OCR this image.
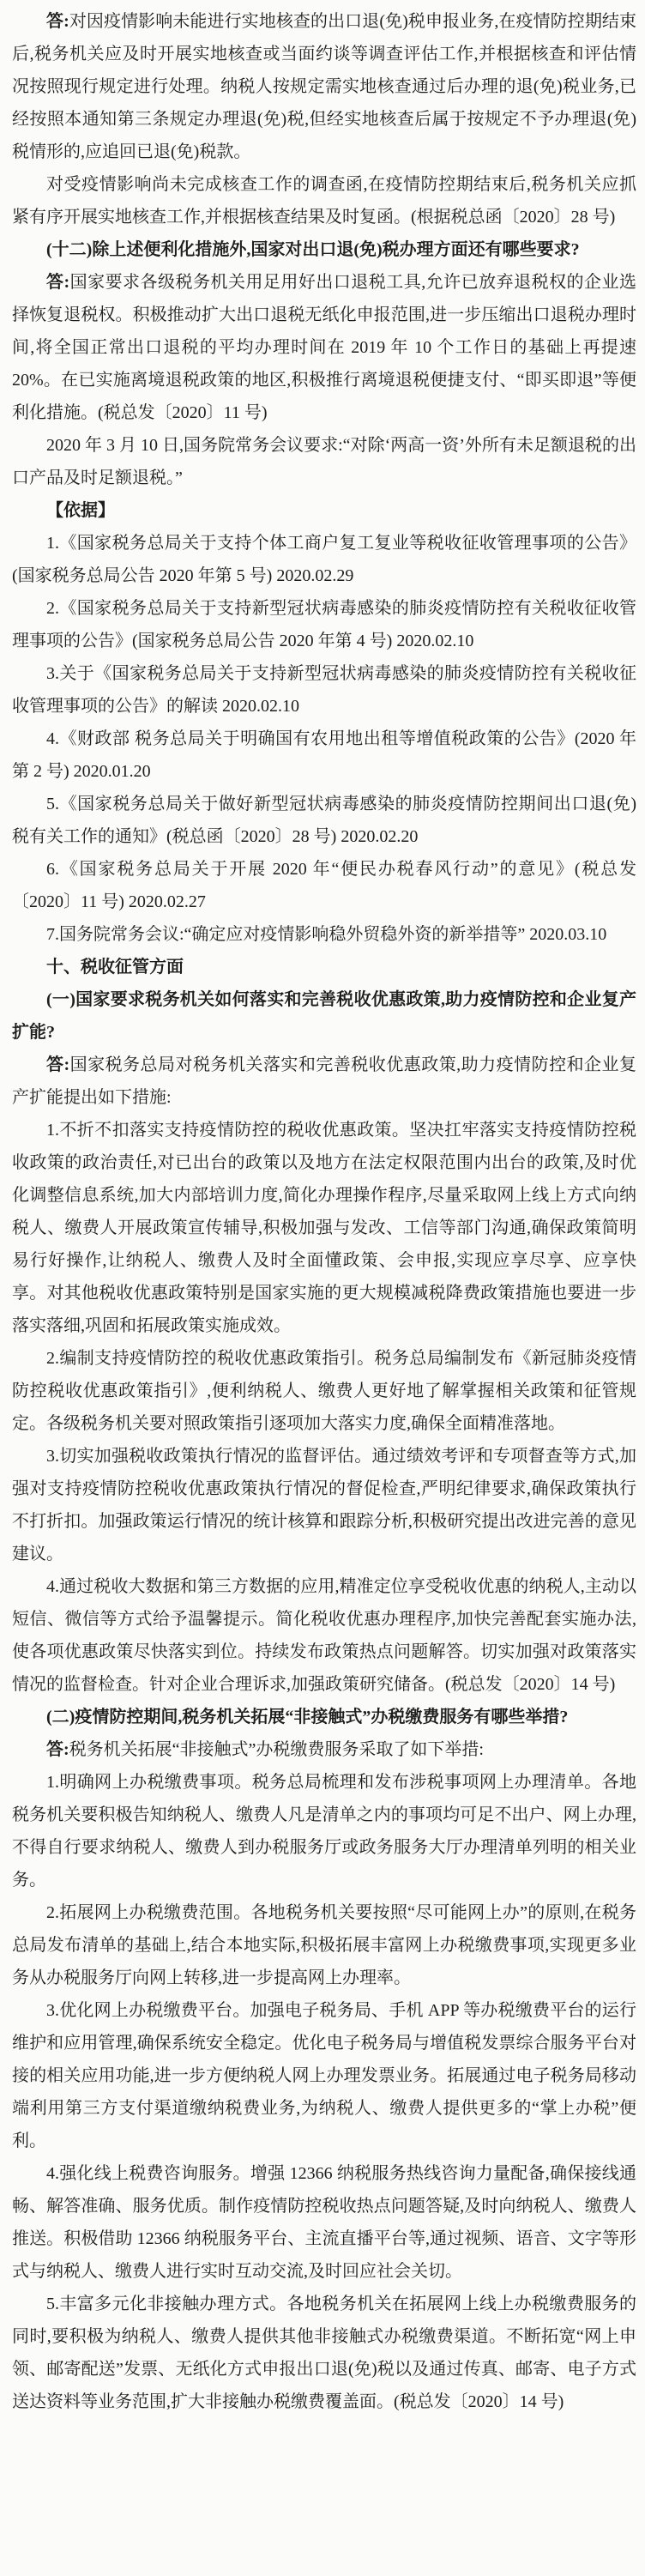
答:对因疫情影响未能进行实地核查的出口退(免)税申报业务,在疫情防控期结束后,税务机关应及时开展实地核查或当面约谈等调查评估工作,并根据核查和评估情况按照现行规定进行处理。纳税人按规定需实地核查通过后办理的退(免)税业务,已经按照本通知第三条规定办理退(免)税,但经实地核查后属于按规定不予办理退(免)税情形的,应追回已退(免)税款。

对受疫情影响尚未完成核查工作的调查函,在疫情防控期结束后,税务机关应抓紧有序开展实地核查工作,并根据核查结果及时复函。(根据税总函〔2020〕28 号)

(十二)除上述便利化措施外,国家对出口退(免)税办理方面还有哪些要求?

答:国家要求各级税务机关用足用好出口退税工具,允许已放弃退税权的企业选择恢复退税权。积极推动扩大出口退税无纸化申报范围,进一步压缩出口退税办理时间,将全国正常出口退税的平均办理时间在 2019 年 10 个工作日的基础上再提速 20%。在已实施离境退税政策的地区,积极推行离境退税便捷支付、“即买即退”等便利化措施。(税总发〔2020〕11 号)

2020 年 3 月 10 日,国务院常务会议要求:“对除‘两高一资’外所有未足额退税的出口产品及时足额退税。”

【依据】

1.《国家税务总局关于支持个体工商户复工复业等税收征收管理事项的公告》(国家税务总局公告 2020 年第 5 号) 2020.02.29

2.《国家税务总局关于支持新型冠状病毒感染的肺炎疫情防控有关税收征收管理事项的公告》(国家税务总局公告 2020 年第 4 号) 2020.02.10

3.关于《国家税务总局关于支持新型冠状病毒感染的肺炎疫情防控有关税收征收管理事项的公告》的解读 2020.02.10

4.《财政部 税务总局关于明确国有农用地出租等增值税政策的公告》(2020 年第 2 号) 2020.01.20

5.《国家税务总局关于做好新型冠状病毒感染的肺炎疫情防控期间出口退(免)税有关工作的通知》(税总函〔2020〕28 号) 2020.02.20

6.《国家税务总局关于开展 2020 年“便民办税春风行动”的意见》(税总发〔2020〕11 号) 2020.02.27

7.国务院常务会议:“确定应对疫情影响稳外贸稳外资的新举措等” 2020.03.10

十、税收征管方面

(一)国家要求税务机关如何落实和完善税收优惠政策,助力疫情防控和企业复产扩能?

答:国家税务总局对税务机关落实和完善税收优惠政策,助力疫情防控和企业复产扩能提出如下措施:

1.不折不扣落实支持疫情防控的税收优惠政策。坚决扛牢落实支持疫情防控税收政策的政治责任,对已出台的政策以及地方在法定权限范围内出台的政策,及时优化调整信息系统,加大内部培训力度,简化办理操作程序,尽量采取网上线上方式向纳税人、缴费人开展政策宣传辅导,积极加强与发改、工信等部门沟通,确保政策简明易行好操作,让纳税人、缴费人及时全面懂政策、会申报,实现应享尽享、应享快享。对其他税收优惠政策特别是国家实施的更大规模减税降费政策措施也要进一步落实落细,巩固和拓展政策实施成效。

2.编制支持疫情防控的税收优惠政策指引。税务总局编制发布《新冠肺炎疫情防控税收优惠政策指引》,便利纳税人、缴费人更好地了解掌握相关政策和征管规定。各级税务机关要对照政策指引逐项加大落实力度,确保全面精准落地。

3.切实加强税收政策执行情况的监督评估。通过绩效考评和专项督查等方式,加强对支持疫情防控税收优惠政策执行情况的督促检查,严明纪律要求,确保政策执行不打折扣。加强政策运行情况的统计核算和跟踪分析,积极研究提出改进完善的意见建议。

4.通过税收大数据和第三方数据的应用,精准定位享受税收优惠的纳税人,主动以短信、微信等方式给予温馨提示。简化税收优惠办理程序,加快完善配套实施办法,使各项优惠政策尽快落实到位。持续发布政策热点问题解答。切实加强对政策落实情况的监督检查。针对企业合理诉求,加强政策研究储备。(税总发〔2020〕14 号)

(二)疫情防控期间,税务机关拓展“非接触式”办税缴费服务有哪些举措?

答:税务机关拓展“非接触式”办税缴费服务采取了如下举措:

1.明确网上办税缴费事项。税务总局梳理和发布涉税事项网上办理清单。各地税务机关要积极告知纳税人、缴费人凡是清单之内的事项均可足不出户、网上办理,不得自行要求纳税人、缴费人到办税服务厅或政务服务大厅办理清单列明的相关业务。

2.拓展网上办税缴费范围。各地税务机关要按照“尽可能网上办”的原则,在税务总局发布清单的基础上,结合本地实际,积极拓展丰富网上办税缴费事项,实现更多业务从办税服务厅向网上转移,进一步提高网上办理率。

3.优化网上办税缴费平台。加强电子税务局、手机 APP 等办税缴费平台的运行维护和应用管理,确保系统安全稳定。优化电子税务局与增值税发票综合服务平台对接的相关应用功能,进一步方便纳税人网上办理发票业务。拓展通过电子税务局移动端利用第三方支付渠道缴纳税费业务,为纳税人、缴费人提供更多的“掌上办税”便利。

4.强化线上税费咨询服务。增强 12366 纳税服务热线咨询力量配备,确保接线通畅、解答准确、服务优质。制作疫情防控税收热点问题答疑,及时向纳税人、缴费人推送。积极借助 12366 纳税服务平台、主流直播平台等,通过视频、语音、文字等形式与纳税人、缴费人进行实时互动交流,及时回应社会关切。

5.丰富多元化非接触办理方式。各地税务机关在拓展网上线上办税缴费服务的同时,要积极为纳税人、缴费人提供其他非接触式办税缴费渠道。不断拓宽“网上申领、邮寄配送”发票、无纸化方式申报出口退(免)税以及通过传真、邮寄、电子方式送达资料等业务范围,扩大非接触办税缴费覆盖面。(税总发〔2020〕14 号)
